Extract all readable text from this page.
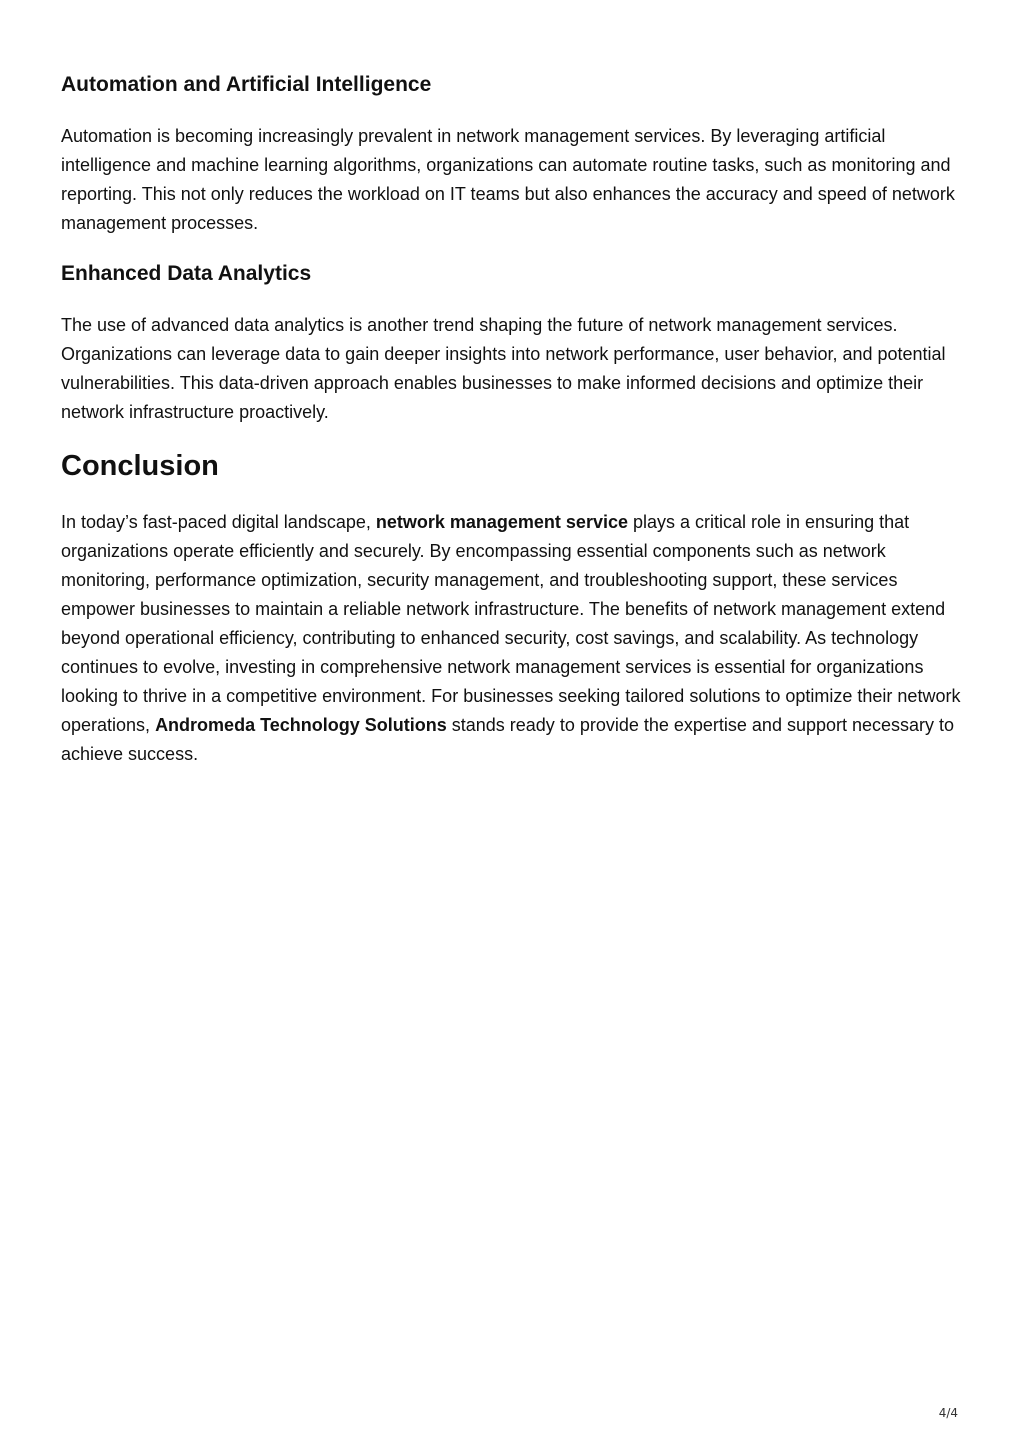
Automation and Artificial Intelligence

Automation is becoming increasingly prevalent in network management services. By leveraging artificial intelligence and machine learning algorithms, organizations can automate routine tasks, such as monitoring and reporting. This not only reduces the workload on IT teams but also enhances the accuracy and speed of network management processes.

Enhanced Data Analytics

The use of advanced data analytics is another trend shaping the future of network management services. Organizations can leverage data to gain deeper insights into network performance, user behavior, and potential vulnerabilities. This data-driven approach enables businesses to make informed decisions and optimize their network infrastructure proactively.

Conclusion

In today’s fast-paced digital landscape, network management service plays a critical role in ensuring that organizations operate efficiently and securely. By encompassing essential components such as network monitoring, performance optimization, security management, and troubleshooting support, these services empower businesses to maintain a reliable network infrastructure. The benefits of network management extend beyond operational efficiency, contributing to enhanced security, cost savings, and scalability. As technology continues to evolve, investing in comprehensive network management services is essential for organizations looking to thrive in a competitive environment. For businesses seeking tailored solutions to optimize their network operations, Andromeda Technology Solutions stands ready to provide the expertise and support necessary to achieve success.

4/4
